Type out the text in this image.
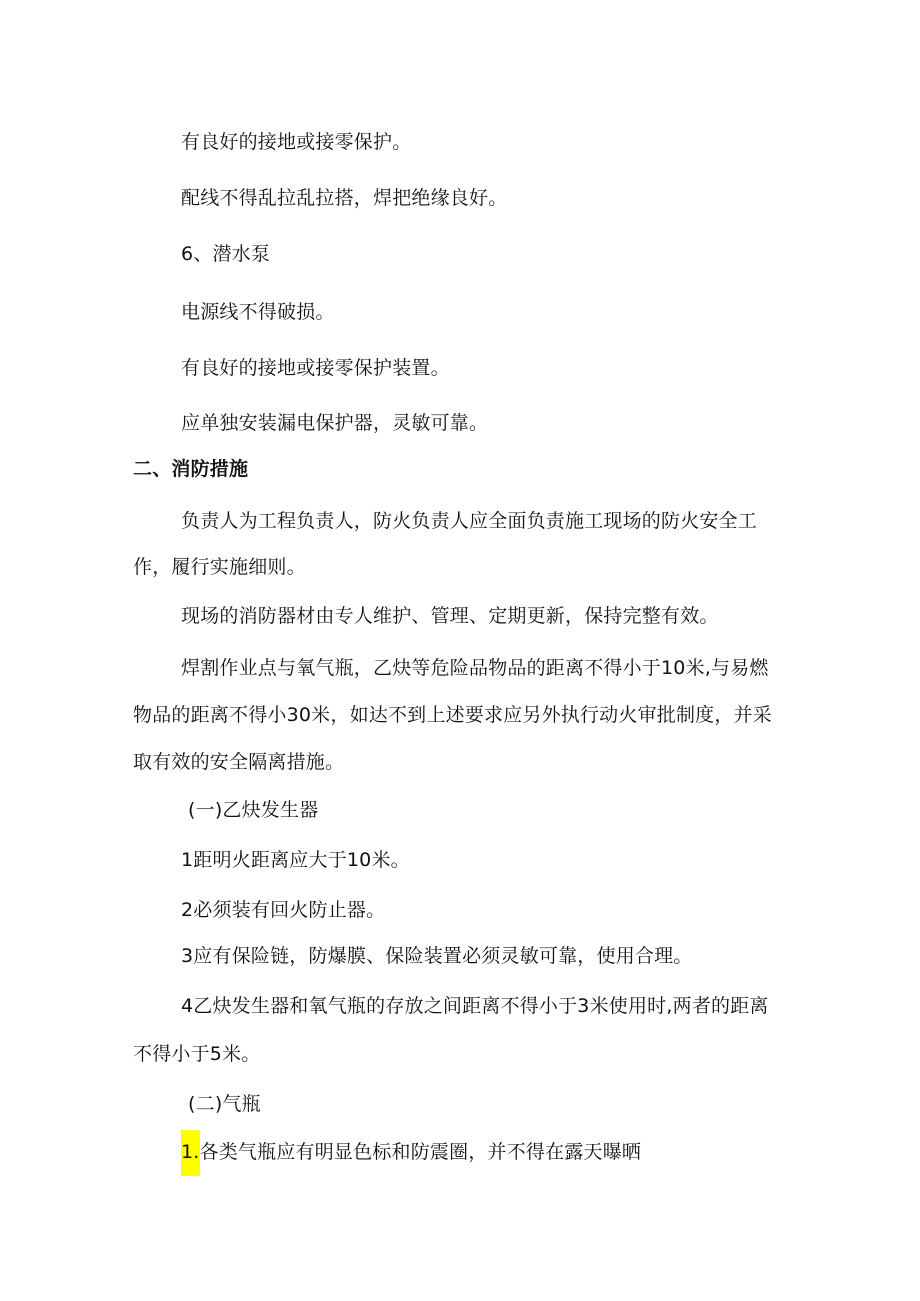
有良好的接地或接零保护。
配线不得乱拉乱拉搭，焊把绝缘良好。
6、潜水泵
电源线不得破损。
有良好的接地或接零保护装置。
应单独安装漏电保护器，灵敏可靠。
二、消防措施
负责人为工程负责人，防火负责人应全面负责施工现场的防火安全工
作，履行实施细则。
现场的消防器材由专人维护、管理、定期更新，保持完整有效。
焊割作业点与氧气瓶，乙炔等危险品物品的距离不得小于10米,与易燃
物品的距离不得小30米，如达不到上述要求应另外执行动火审批制度，并采
取有效的安全隔离措施。
(一)乙炔发生器
1距明火距离应大于10米。
2必须装有回火防止器。
3应有保险链，防爆膜、保险装置必须灵敏可靠，使用合理。
4乙炔发生器和氧气瓶的存放之间距离不得小于3米使用时,两者的距离
不得小于5米。
(二)气瓶
1.各类气瓶应有明显色标和防震圈，并不得在露天曝晒
